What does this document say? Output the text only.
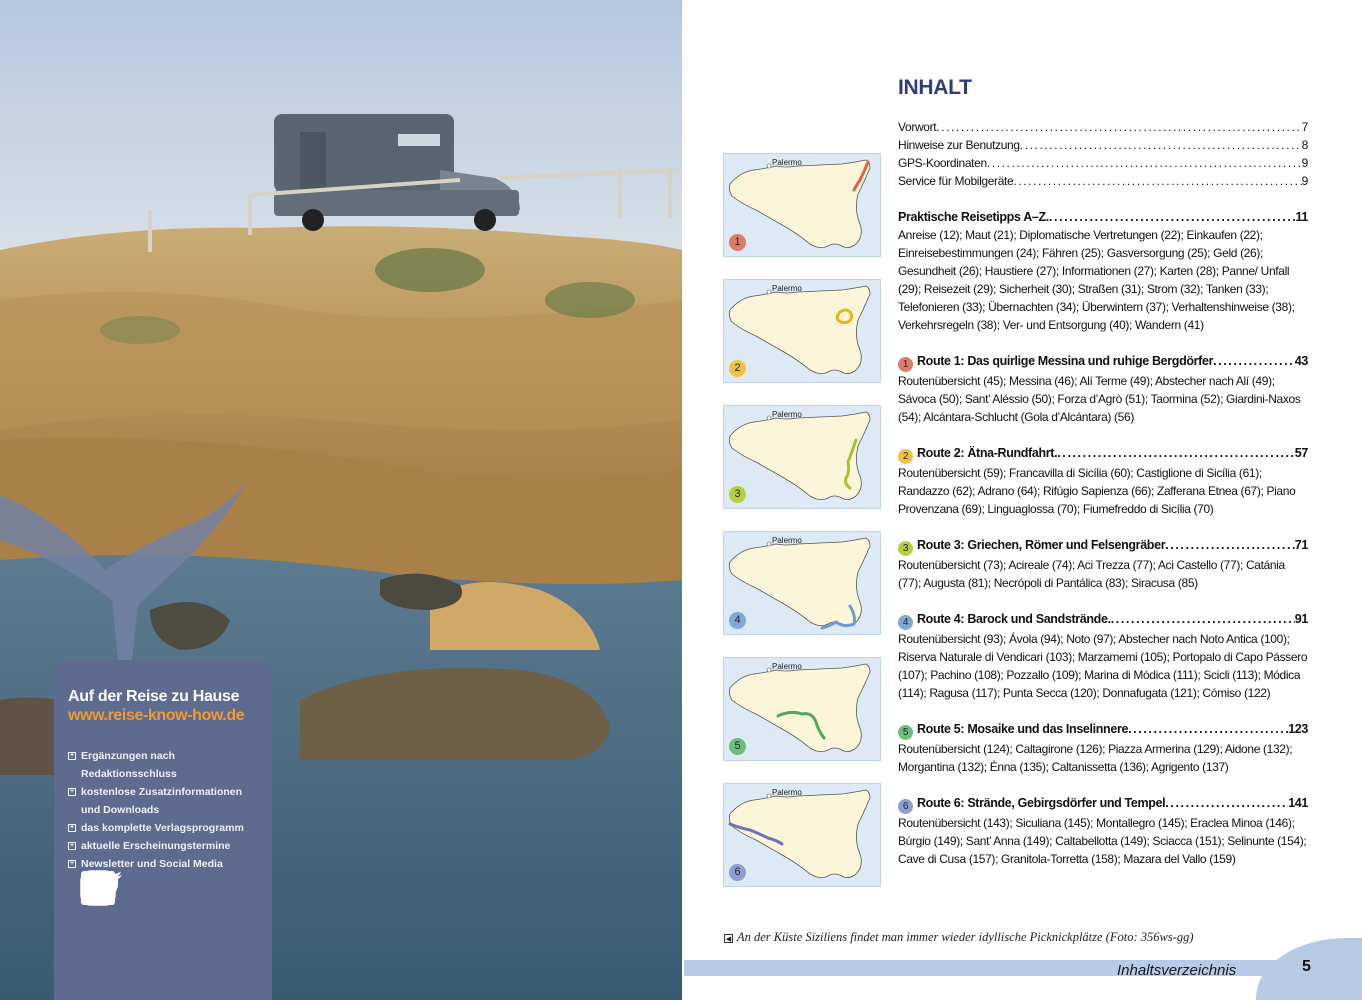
Auf der Reise zu Hause
www.reise-know-how.de
+ Ergänzungen nach Redaktionsschluss
+ kostenlose Zusatzinformationen
und Downloads
+ das komplette Verlagsprogramm
+ aktuelle Erscheinungstermine
+ Newsletter und Social Media
INHALT
Vorwort .....	7
Hinweise zur Benutzung .....	8
GPS-Koordinaten .....	9
Service für Mobilgeräte .....	9
Praktische Reisetipps A–Z. .....	11

Anreise (12); Maut (21); Diplomatische Vertretungen (22); Einkaufen (22); Einreisebestimmungen (24); Fähren (25); Gasversorgung (25); Geld (26); Gesundheit (26); Haustiere (27); Informationen (27); Karten (28); Panne/ Unfall (29); Reisezeit (29); Sicherheit (30); Straßen (31); Strom (32); Tanken (33); Telefonieren (33); Übernachten (34); Überwintern (37); Verhaltenshinweise (38); Verkehrsregeln (38); Ver- und Entsorgung (40); Wandern (41)

1 Route 1: Das quirlige Messina und ruhige Bergdörfer .....	43

Routenübersicht (45); Messina (46); Alí Terme (49); Abstecher nach Alí (49); Sávoca (50); Sant’ Aléssio (50); Forza d’Agrò (51); Taormina (52); Giardini-Naxos (54); Alcántara-Schlucht (Gola d’Alcántara) (56)

2 Route 2: Ätna-Rundfahrt. .....	57

Routenübersicht (59); Francavilla di Sicília (60); Castiglione di Sicília (61); Randazzo (62); Adrano (64); Rifúgio Sapienza (66); Zafferana Etnea (67); Piano Provenzana (69); Linguaglossa (70); Fiumefreddo di Sicília (70)

3 Route 3: Griechen, Römer und Felsengräber .....	71

Routenübersicht (73); Acireale (74); Aci Trezza (77); Aci Castello (77); Catánia (77); Augusta (81); Necrópoli di Pantálica (83); Siracusa (85)

4 Route 4: Barock und Sandstrände. .....	91

Routenübersicht (93); Ávola (94); Noto (97); Abstecher nach Noto Antica (100); Riserva Naturale di Vendicari (103); Marzamemi (105); Portopalo di Capo Pássero (107); Pachino (108); Pozzallo (109); Marina di Módica (111); Scicli (113); Módica (114); Ragusa (117); Punta Secca (120); Donnafugata (121); Cómiso (122)

5 Route 5: Mosaike und das Inselinnere .....	123

Routenübersicht (124); Caltagirone (126); Piazza Armerina (129); Aidone (132); Morgantina (132); Énna (135); Caltanissetta (136); Agrigento (137)

6 Route 6: Strände, Gebirgsdörfer und Tempel .....	141

Routenübersicht (143); Siculiana (145); Montallegro (145); Eraclea Minoa (146); Búrgio (149); Sant’ Anna (149); Caltabellotta (149); Sciacca (151); Selinunte (154); Cave di Cusa (157); Granitola-Torretta (158); Mazara del Vallo (159)

Palermo
1
Palermo
2
Palermo
3
Palermo
4
Palermo
5
Palermo
6
◀ An der Küste Siziliens findet man immer wieder idyllische Picknickplätze (Foto: 356ws-gg)
Inhaltsverzeichnis	5
